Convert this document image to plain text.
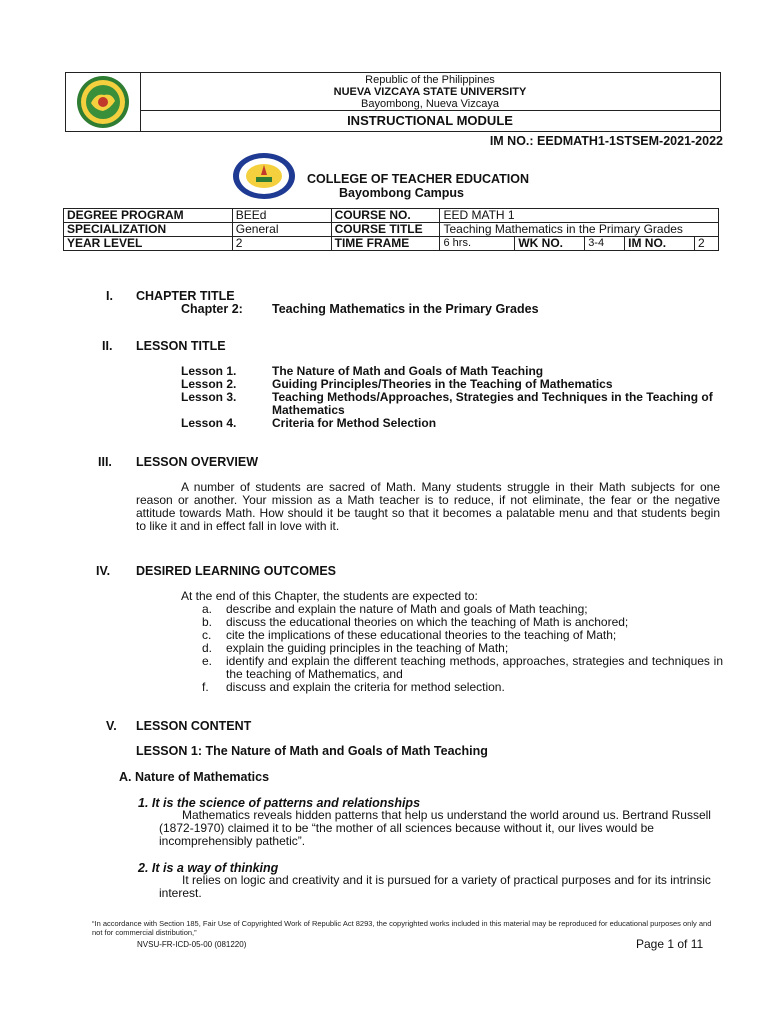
Republic of the Philippines
NUEVA VIZCAYA STATE UNIVERSITY
Bayombong, Nueva Vizcaya
INSTRUCTIONAL MODULE
IM NO.: EEDMATH1-1STSEM-2021-2022
COLLEGE OF TEACHER EDUCATION
Bayombong Campus
DEGREE PROGRAM	BEEd	COURSE NO.	EED MATH 1				
SPECIALIZATION	General	COURSE TITLE	Teaching Mathematics in the Primary Grades				
YEAR LEVEL	2	TIME FRAME	6 hrs.	WK NO.	3-4	IM NO.	2
I. CHAPTER TITLE
Chapter 2: Teaching Mathematics in the Primary Grades
II. LESSON TITLE
Lesson 1.	The Nature of Math and Goals of Math Teaching
Lesson 2.	Guiding Principles/Theories in the Teaching of Mathematics
Lesson 3.	Teaching Methods/Approaches, Strategies and Techniques in the Teaching of Mathematics
Lesson 4.	Criteria for Method Selection
III. LESSON OVERVIEW
A number of students are sacred of Math. Many students struggle in their Math subjects for one reason or another. Your mission as a Math teacher is to reduce, if not eliminate, the fear or the negative attitude towards Math. How should it be taught so that it becomes a palatable menu and that students begin to like it and in effect fall in love with it.
IV. DESIRED LEARNING OUTCOMES
At the end of this Chapter, the students are expected to:
a. describe and explain the nature of Math and goals of Math teaching;
b. discuss the educational theories on which the teaching of Math is anchored;
c. cite the implications of these educational theories to the teaching of Math;
d. explain the guiding principles in the teaching of Math;
e. identify and explain the different teaching methods, approaches, strategies and techniques in the teaching of Mathematics, and
f. discuss and explain the criteria for method selection.
V. LESSON CONTENT
LESSON 1: The Nature of Math and Goals of Math Teaching
A. Nature of Mathematics
1. It is the science of patterns and relationships
Mathematics reveals hidden patterns that help us understand the world around us. Bertrand Russell (1872-1970) claimed it to be “the mother of all sciences because without it, our lives would be incomprehensibly pathetic”.
2. It is a way of thinking
It relies on logic and creativity and it is pursued for a variety of practical purposes and for its intrinsic interest.
“In accordance with Section 185, Fair Use of Copyrighted Work of Republic Act 8293, the copyrighted works included in this material may be reproduced for educational purposes only and not for commercial distribution,”
NVSU-FR-ICD-05-00 (081220)	Page 1 of 11
